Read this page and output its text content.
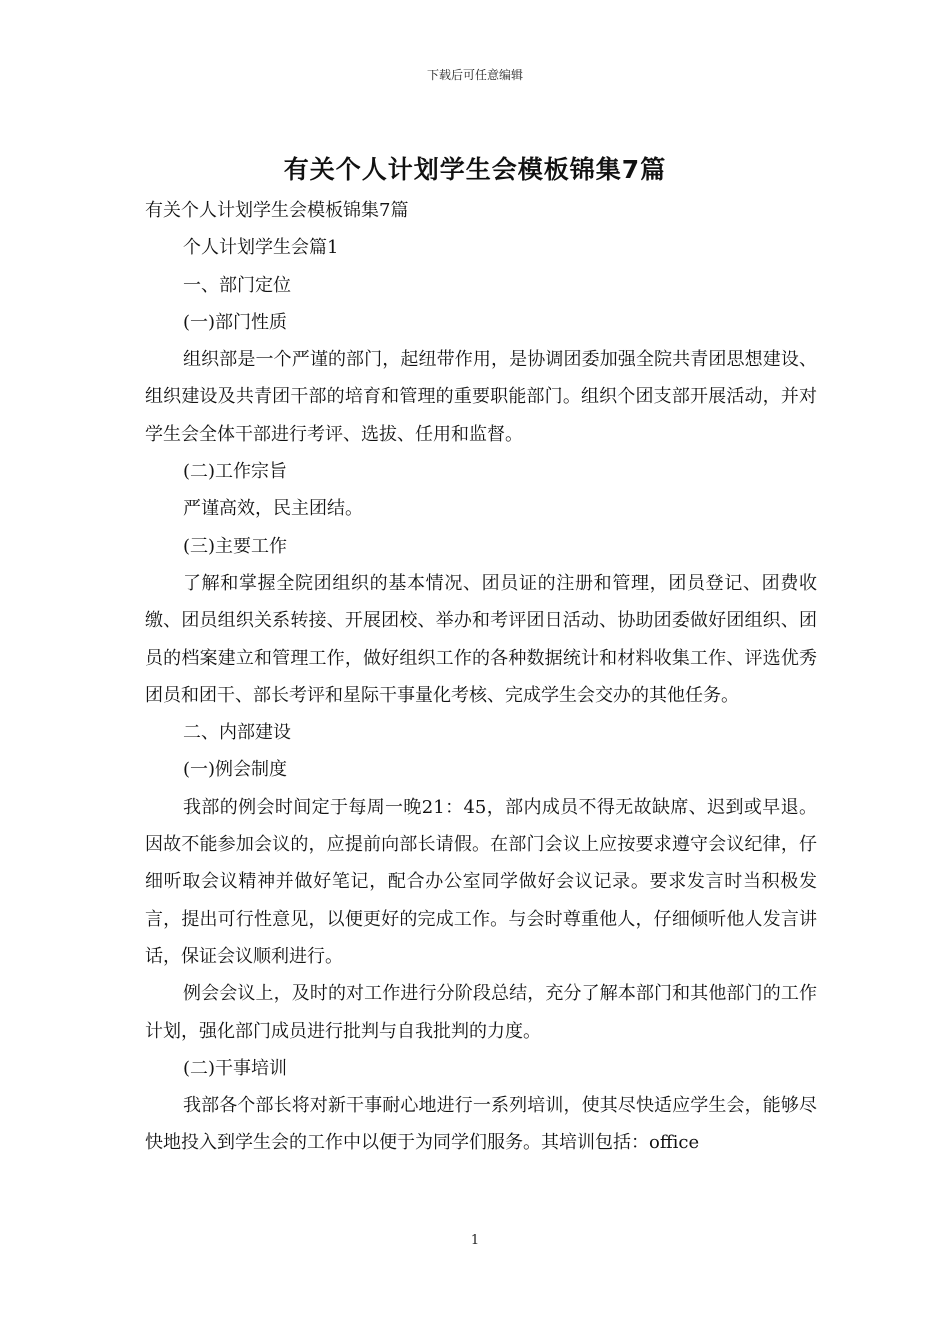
下载后可任意编辑
有关个人计划学生会模板锦集7篇

有关个人计划学生会模板锦集7篇

个人计划学生会篇1

一、部门定位

(一)部门性质

组织部是一个严谨的部门，起纽带作用，是协调团委加强全院共青团思想建设、组织建设及共青团干部的培育和管理的重要职能部门。组织个团支部开展活动，并对学生会全体干部进行考评、选拔、任用和监督。

(二)工作宗旨

严谨高效，民主团结。

(三)主要工作

了解和掌握全院团组织的基本情况、团员证的注册和管理，团员登记、团费收缴、团员组织关系转接、开展团校、举办和考评团日活动、协助团委做好团组织、团员的档案建立和管理工作，做好组织工作的各种数据统计和材料收集工作、评选优秀团员和团干、部长考评和星际干事量化考核、完成学生会交办的其他任务。

二、内部建设

(一)例会制度

我部的例会时间定于每周一晚21：45，部内成员不得无故缺席、迟到或早退。因故不能参加会议的，应提前向部长请假。在部门会议上应按要求遵守会议纪律，仔细听取会议精神并做好笔记，配合办公室同学做好会议记录。要求发言时当积极发言，提出可行性意见，以便更好的完成工作。与会时尊重他人，仔细倾听他人发言讲话，保证会议顺利进行。

例会会议上，及时的对工作进行分阶段总结，充分了解本部门和其他部门的工作计划，强化部门成员进行批判与自我批判的力度。

(二)干事培训

我部各个部长将对新干事耐心地进行一系列培训，使其尽快适应学生会，能够尽快地投入到学生会的工作中以便于为同学们服务。其培训包括：office

1
